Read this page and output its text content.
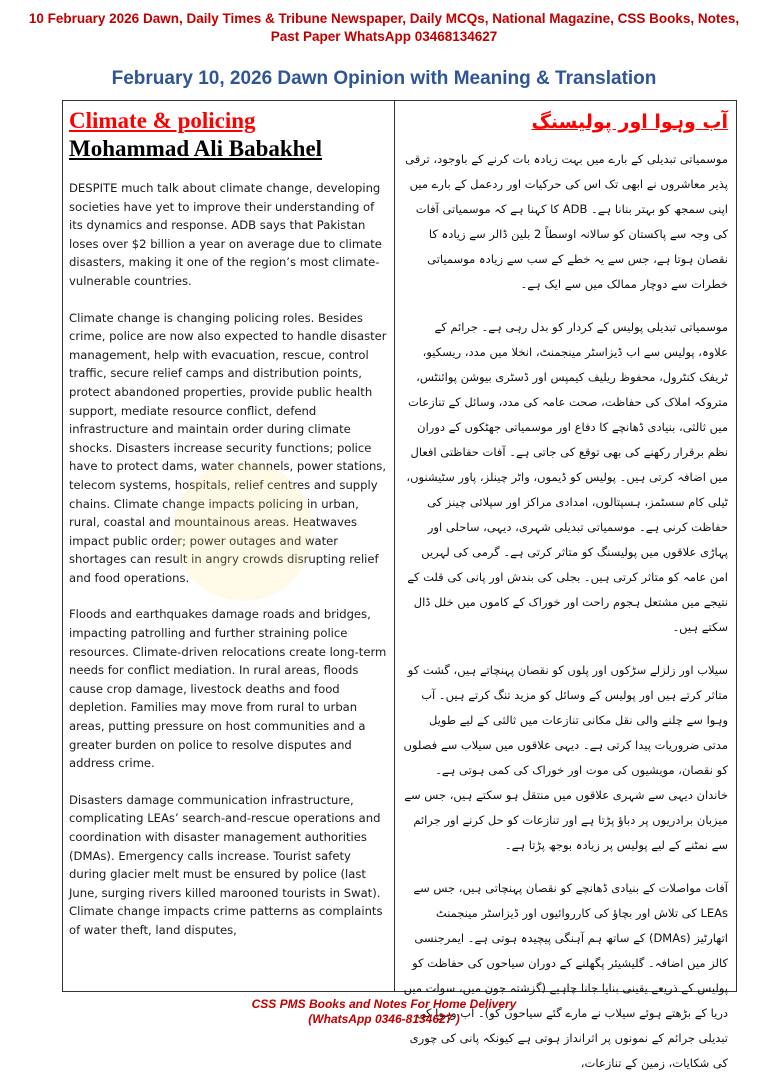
10 February 2026 Dawn, Daily Times & Tribune Newspaper, Daily MCQs, National Magazine, CSS Books, Notes,
Past Paper WhatsApp 03468134627
February 10, 2026 Dawn Opinion with Meaning & Translation
Climate & policing
Mohammad Ali Babakhel

DESPITE much talk about climate change, developing societies have yet to improve their understanding of its dynamics and response. ADB says that Pakistan loses over $2 billion a year on average due to climate disasters, making it one of the region’s most climate-vulnerable countries.

Climate change is changing policing roles. Besides crime, police are now also expected to handle disaster management, help with evacuation, rescue, control traffic, secure relief camps and distribution points, protect abandoned properties, provide public health support, mediate resource conflict, defend infrastructure and maintain order during climate shocks. Disasters increase security functions; police have to protect dams, water channels, power stations, telecom systems, hospitals, relief centres and supply chains. Climate change impacts policing in urban, rural, coastal and mountainous areas. Heatwaves impact public order; power outages and water shortages can result in angry crowds disrupting relief and food operations.

Floods and earthquakes damage roads and bridges, impacting patrolling and further straining police resources. Climate-driven relocations create long-term needs for conflict mediation. In rural areas, floods cause crop damage, livestock deaths and food depletion. Families may move from rural to urban areas, putting pressure on host communities and a greater burden on police to resolve disputes and address crime.

Disasters damage communication infrastructure, complicating LEAs’ search-and-rescue operations and coordination with disaster management authorities (DMAs). Emergency calls increase. Tourist safety during glacier melt must be ensured by police (last June, surging rivers killed marooned tourists in Swat). Climate change impacts crime patterns as complaints of water theft, land disputes,

آب وہوا اور پولیسنگ

موسمیاتی تبدیلی کے بارے میں بہت زیادہ بات کرنے کے باوجود، ترقی پذیر معاشروں نے ابھی تک اس کی حرکیات اور ردعمل کے بارے میں اپنی سمجھ کو بہتر بنانا ہے۔ ADB کا کہنا ہے کہ موسمیاتی آفات کی وجہ سے پاکستان کو سالانہ اوسطاً 2 بلین ڈالر سے زیادہ کا نقصان ہوتا ہے، جس سے یہ خطے کے سب سے زیادہ موسمیاتی خطرات سے دوچار ممالک میں سے ایک ہے۔

موسمیاتی تبدیلی پولیس کے کردار کو بدل رہی ہے۔ جرائم کے علاوہ، پولیس سے اب ڈیزاسٹر مینجمنٹ، انخلا میں مدد، ریسکیو، ٹریفک کنٹرول، محفوظ ریلیف کیمپس اور ڈسٹری بیوشن پوائنٹس، متروکہ املاک کی حفاظت، صحت عامہ کی مدد، وسائل کے تنازعات میں ثالثی، بنیادی ڈھانچے کا دفاع اور موسمیاتی جھٹکوں کے دوران نظم برقرار رکھنے کی بھی توقع کی جاتی ہے۔ آفات حفاظتی افعال میں اضافہ کرتی ہیں۔ پولیس کو ڈیموں، واٹر چینلز، پاور سٹیشنوں، ٹیلی کام سسٹمز، ہسپتالوں، امدادی مراکز اور سپلائی چینز کی حفاظت کرنی ہے۔ موسمیاتی تبدیلی شہری، دیہی، ساحلی اور پہاڑی علاقوں میں پولیسنگ کو متاثر کرتی ہے۔ گرمی کی لہریں امن عامہ کو متاثر کرتی ہیں۔ بجلی کی بندش اور پانی کی قلت کے نتیجے میں مشتعل ہجوم راحت اور خوراک کے کاموں میں خلل ڈال سکتے ہیں۔

سیلاب اور زلزلے سڑکوں اور پلوں کو نقصان پہنچاتے ہیں، گشت کو متاثر کرتے ہیں اور پولیس کے وسائل کو مزید تنگ کرتے ہیں۔ آب وہوا سے چلنے والی نقل مکانی تنازعات میں ثالثی کے لیے طویل مدتی ضروریات پیدا کرتی ہے۔ دیہی علاقوں میں سیلاب سے فصلوں کو نقصان، مویشیوں کی موت اور خوراک کی کمی ہوتی ہے۔ خاندان دیہی سے شہری علاقوں میں منتقل ہو سکتے ہیں، جس سے میزبان برادریوں پر دباؤ پڑتا ہے اور تنازعات کو حل کرنے اور جرائم سے نمٹنے کے لیے پولیس پر زیادہ بوجھ پڑتا ہے۔

آفات مواصلات کے بنیادی ڈھانچے کو نقصان پہنچاتی ہیں، جس سے LEAs کی تلاش اور بچاؤ کی کارروائیوں اور ڈیزاسٹر مینجمنٹ اتھارٹیز (DMAs) کے ساتھ ہم آہنگی پیچیدہ ہوتی ہے۔ ایمرجنسی کالز میں اضافہ۔ گلیشیئر پگھلنے کے دوران سیاحوں کی حفاظت کو پولیس کے ذریعے یقینی بنایا جانا چاہیے (گزشتہ جون میں، سوات میں دریا کے بڑھتے ہوئے سیلاب نے مارے گئے سیاحوں کو)۔ آب وہوا کی تبدیلی جرائم کے نمونوں پر اثرانداز ہوتی ہے کیونکہ پانی کی چوری کی شکایات، زمین کے تنازعات،

CSS PMS Books and Notes For Home Delivery
(WhatsApp 0346-8134627 )
